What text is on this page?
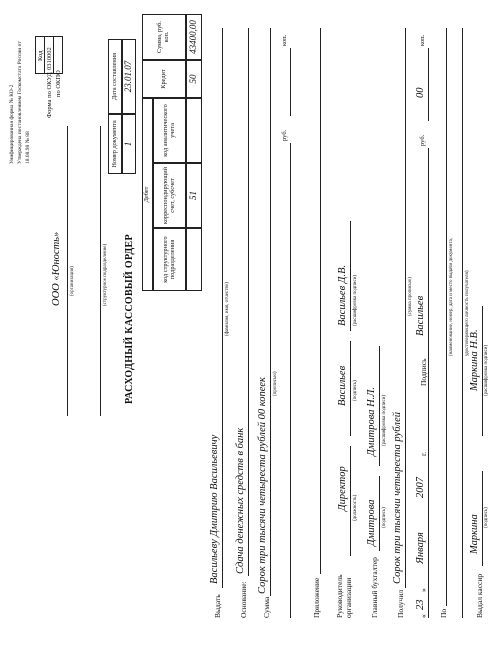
Унифицированная форма № КО-2 Утверждена постановлением Госкомстата России от 18.08.98 № 88
Код
Форма по ОКУД
0310002
по ОКПО
ООО «Юность» (организация)	(структурное подразделение)
Номер документа
Дата составления
1
23.01.07
РАСХОДНЫЙ КАССОВЫЙ ОРДЕР
Дебет
Кредит
Сумма, руб. коп.
код структурного подразделения
корреспондирующий счет, субсчет
код аналитического учета
51
50
43400,00
Выдать
Васильеву Дмитрию Васильевичу
(фамилия, имя, отчество)
Основание:
Сдача денежных средств в банк
Сумма
Сорок три тысячи четыреста рублей 00 копеек (прописью)
руб.
коп.
Приложение Руководитель организации
Директор (должность)
Васильев (подпись)
Васильев Д.В. (расшифровка подписи)
Главный бухгалтер
Дмитрова (подпись)
Дмитрова Н.Л. (расшифровка подписи)
Получил
Сорок три тысячи четыреста рублей
(сумма прописью)
руб.
00
коп.
«
23
»
Января
2007
г.
Подпись
Васильев
По
(наименование, номер, дата и место выдачи документа, удостоверяющего личность получателя)
Выдал кассир
Маркина (подпись)
Маркина Н.В. (расшифровка подписи)
